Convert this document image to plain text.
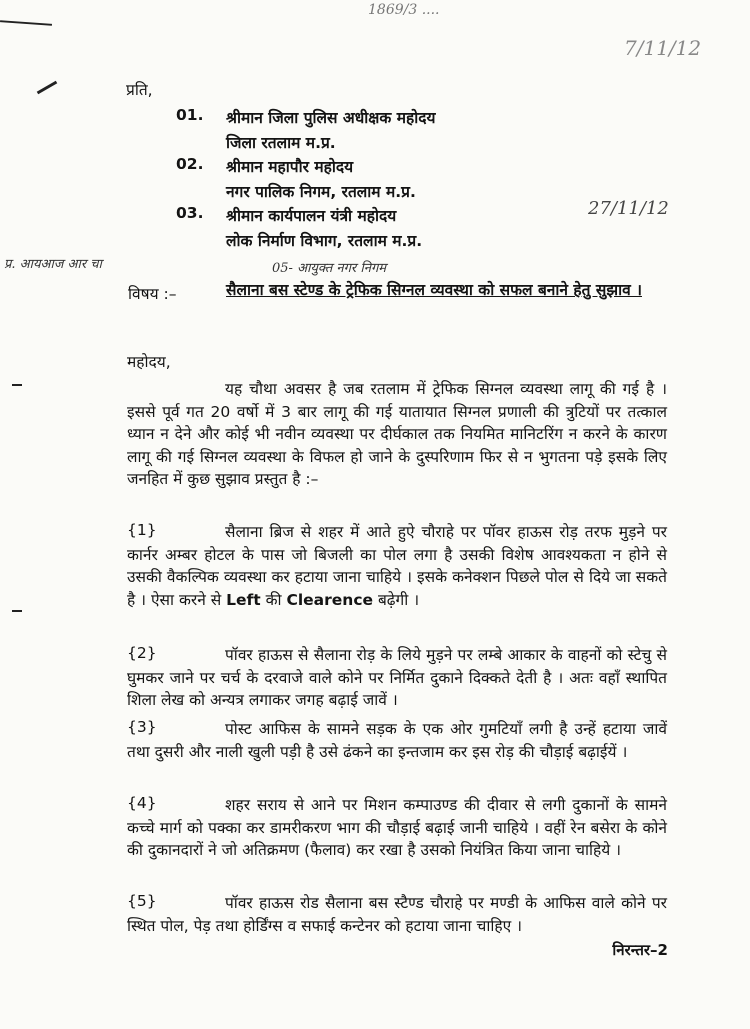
1869/3 ....
7/11/12
27/11/12
प्र. आयआज आर चा	05- आयुक्त नगर निगम
प्रति,
01. श्रीमान जिला पुलिस अधीक्षक महोदय
जिला रतलाम म.प्र.
02. श्रीमान महापौर महोदय
नगर पालिक निगम, रतलाम म.प्र.
03. श्रीमान कार्यपालन यंत्री महोदय
लोक निर्माण विभाग, रतलाम म.प्र.
विषय :–	सैलाना बस स्टेण्ड के ट्रेफिक सिग्नल व्यवस्था को सफल बनाने हेतु सुझाव ।
महोदय,
यह चौथा अवसर है जब रतलाम में ट्रेफिक सिग्नल व्यवस्था लागू की गई है । इससे पूर्व गत 20 वर्षो में 3 बार लागू की गई यातायात सिग्नल प्रणाली की त्रुटियों पर तत्काल ध्यान न देने और कोई भी नवीन व्यवस्था पर दीर्घकाल तक नियमित मानिटरिंग न करने के कारण लागू की गई सिग्नल व्यवस्था के विफल हो जाने के दुस्परिणाम फिर से न भुगतना पड़े इसके लिए जनहित में कुछ सुझाव प्रस्तुत है :–
{1}	सैलाना ब्रिज से शहर में आते हुऐ चौराहे पर पॉवर हाऊस रोड़ तरफ मुड़ने पर कार्नर अम्बर होटल के पास जो बिजली का पोल लगा है उसकी विशेष आवश्यकता न होने से उसकी वैकल्पिक व्यवस्था कर हटाया जाना चाहिये । इसके कनेक्शन पिछले पोल से दिये जा सकते है । ऐसा करने से Left की Clearence बढ़ेगी ।
{2}	पॉवर हाऊस से सैलाना रोड़ के लिये मुड़ने पर लम्बे आकार के वाहनों को स्टेचु से घुमकर जाने पर चर्च के दरवाजे वाले कोने पर निर्मित दुकाने दिक्कते देती है । अतः वहॉं स्थापित शिला लेख को अन्यत्र लगाकर जगह बढ़ाई जावें ।
{3}	पोस्ट आफिस के सामने सड़क के एक ओर गुमटियॉं लगी है उन्हें हटाया जावें तथा दुसरी और नाली खुली पड़ी है उसे ढंकने का इन्तजाम कर इस रोड़ की चौड़ाई बढ़ाईयें ।
{4}	शहर सराय से आने पर मिशन कम्पाउण्ड की दीवार से लगी दुकानों के सामने कच्चे मार्ग को पक्का कर डामरीकरण भाग की चौड़ाई बढ़ाई जानी चाहिये । वहीं रेन बसेरा के कोने की दुकानदारों ने जो अतिक्रमण (फैलाव) कर रखा है उसको नियंत्रित किया जाना चाहिये ।
{5}	पॉवर हाऊस रोड सैलाना बस स्टैण्ड चौराहे पर मण्डी के आफिस वाले कोने पर स्थित पोल, पेड़ तथा होर्डिंग्स व सफाई कन्टेनर को हटाया जाना चाहिए ।
निरन्तर–2
